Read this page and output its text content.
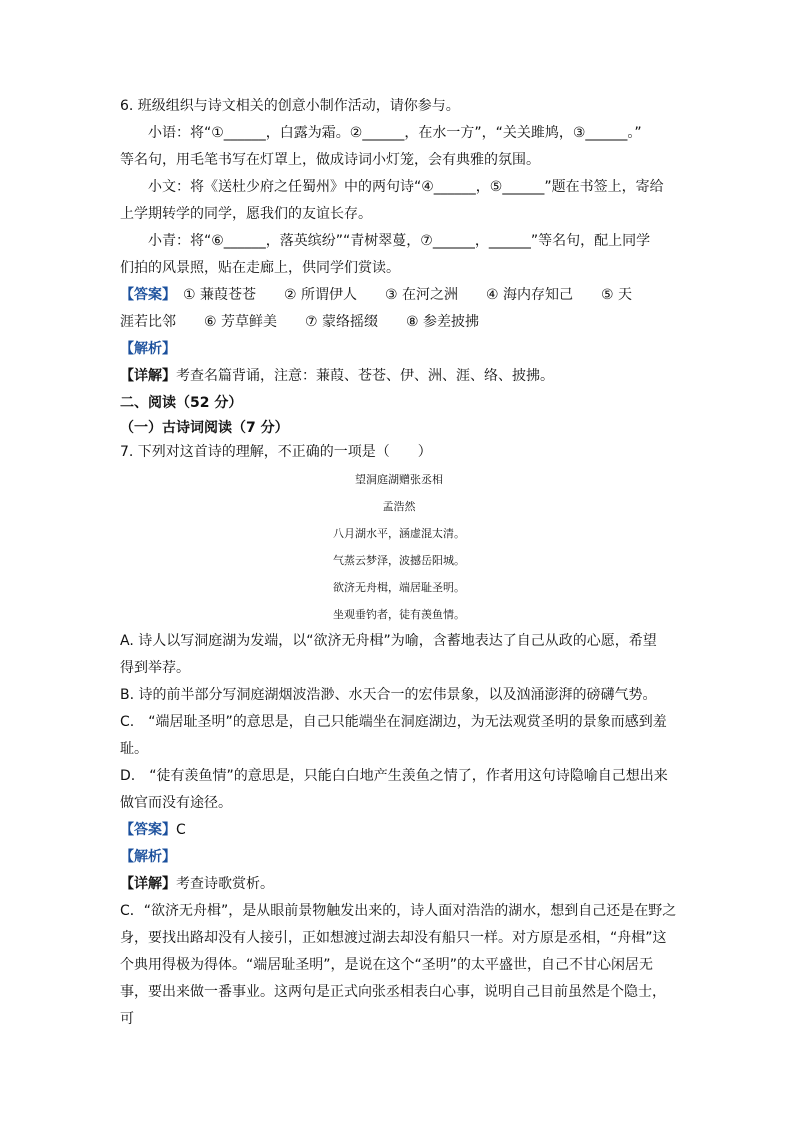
6. 班级组织与诗文相关的创意小制作活动，请你参与。

小语：将“①______，白露为霜。②______，在水一方”，“关关雎鸠，③______。”

等名句，用毛笔书写在灯罩上，做成诗词小灯笼，会有典雅的氛围。

小文：将《送杜少府之任蜀州》中的两句诗“④______，⑤______”题在书签上，寄给

上学期转学的同学，愿我们的友谊长存。

小青：将“⑥______，落英缤纷”“青树翠蔓，⑦______，______”等名句，配上同学

们拍的风景照，贴在走廊上，供同学们赏读。

【答案】　① 蒹葭苍苍　　② 所谓伊人　　③ 在河之洲　　④ 海内存知己　　⑤ 天

涯若比邻　　⑥ 芳草鲜美　　⑦ 蒙络摇缀　　⑧ 参差披拂

【解析】

【详解】考查名篇背诵，注意：蒹葭、苍苍、伊、洲、涯、络、披拂。

二、阅读（52 分）

（一）古诗词阅读（7 分）

7. 下列对这首诗的理解，不正确的一项是（　　）

望洞庭湖赠张丞相

孟浩然

八月湖水平，涵虚混太清。

气蒸云梦泽，波撼岳阳城。

欲济无舟楫，端居耻圣明。

坐观垂钓者，徒有羡鱼情。

A. 诗人以写洞庭湖为发端，以“欲济无舟楫”为喻，含蓄地表达了自己从政的心愿，希望

得到举荐。

B. 诗的前半部分写洞庭湖烟波浩渺、水天合一的宏伟景象，以及汹涌澎湃的磅礴气势。

C.　“端居耻圣明”的意思是，自己只能端坐在洞庭湖边，为无法观赏圣明的景象而感到羞

耻。

D.　“徒有羡鱼情”的意思是，只能白白地产生羡鱼之情了，作者用这句诗隐喻自己想出来

做官而没有途径。

【答案】C

【解析】

【详解】考查诗歌赏析。

C．“欲济无舟楫”，是从眼前景物触发出来的，诗人面对浩浩的湖水，想到自己还是在野之

身，要找出路却没有人接引，正如想渡过湖去却没有船只一样。对方原是丞相，“舟楫”这

个典用得极为得体。“端居耻圣明”，是说在这个“圣明”的太平盛世，自己不甘心闲居无

事，要出来做一番事业。这两句是正式向张丞相表白心事，说明自己目前虽然是个隐士，可
